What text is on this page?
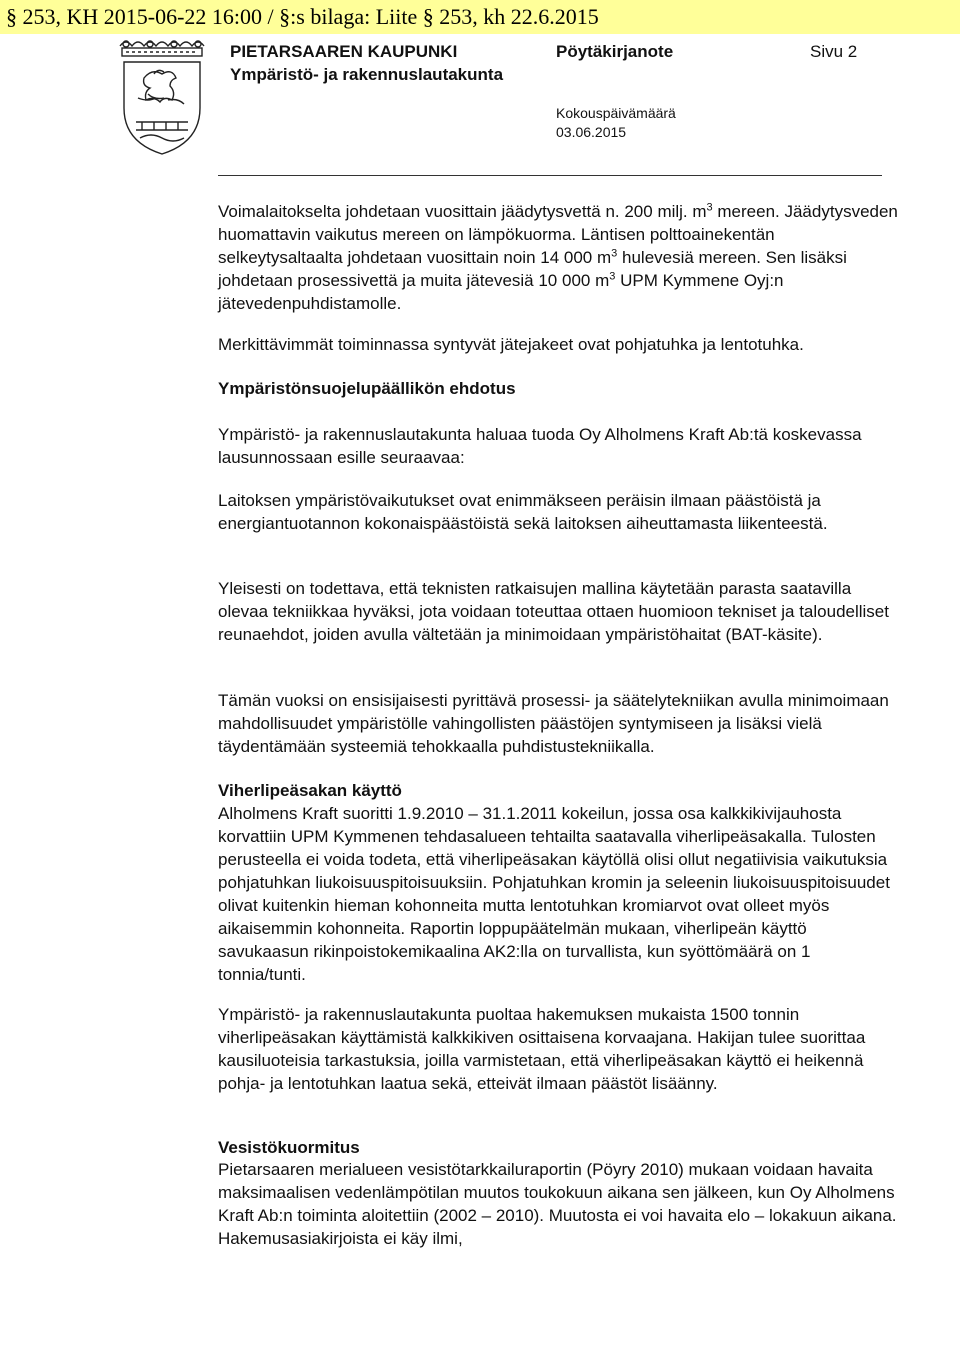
§ 253, KH 2015-06-22 16:00 / §:s bilaga: Liite § 253, kh 22.6.2015
PIETARSAAREN KAUPUNKI
Ympäristö- ja rakennuslautakunta
Pöytäkirjanote	Sivu 2
Kokouspäivämäärä
03.06.2015

Voimalaitokselta johdetaan vuosittain jäädytysvettä n. 200 milj. $m^3$ mereen. Jäädytysveden huomattavin vaikutus mereen on lämpökuorma. Läntisen polttoainekentän selkeytysaltaalta johdetaan vuosittain noin 14 000 $m^3$ hulevesiä mereen. Sen lisäksi johdetaan prosessivettä ja muita jätevesiä 10 000 $m^3$ UPM Kymmene Oyj:n jätevedenpuhdistamolle.

Merkittävimmät toiminnassa syntyvät jätejakeet ovat pohjatuhka ja lentotuhka.
Ympäristönsuojelupäällikön ehdotus
Ympäristö- ja rakennuslautakunta haluaa tuoda Oy Alholmens Kraft Ab:tä koskevassa lausunnossaan esille seuraavaa:
Laitoksen ympäristövaikutukset ovat enimmäkseen peräisin ilmaan päästöistä ja energiantuotannon kokonaispäästöistä sekä laitoksen aiheuttamasta liikenteestä.
Yleisesti on todettava, että teknisten ratkaisujen mallina käytetään parasta saatavilla olevaa tekniikkaa hyväksi, jota voidaan toteuttaa ottaen huomioon tekniset ja taloudelliset reunaehdot, joiden avulla vältetään ja minimoidaan ympäristöhaitat (BAT-käsite).
Tämän vuoksi on ensisijaisesti pyrittävä prosessi- ja säätelytekniikan avulla minimoimaan mahdollisuudet ympäristölle vahingollisten päästöjen syntymiseen ja lisäksi vielä täydentämään systeemiä tehokkaalla puhdistustekniikalla.
Viherlipeäsakan käyttö
Alholmens Kraft suoritti 1.9.2010 – 31.1.2011 kokeilun, jossa osa kalkkikivijauhosta korvattiin UPM Kymmenen tehdasalueen tehtailta saatavalla viherlipeäsakalla. Tulosten perusteella ei voida todeta, että viherlipeäsakan käytöllä olisi ollut negatiivisia vaikutuksia pohjatuhkan liukoisuuspitoisuuksiin. Pohjatuhkan kromin ja seleenin liukoisuuspitoisuudet olivat kuitenkin hieman kohonneita mutta lentotuhkan kromiarvot ovat olleet myös aikaisemmin kohonneita. Raportin loppupäätelmän mukaan, viherlipeän käyttö savukaasun rikinpoistokemikaalina AK2:lla on turvallista, kun syöttömäärä on 1 tonnia/tunti.
Ympäristö- ja rakennuslautakunta puoltaa hakemuksen mukaista 1500 tonnin viherlipeäsakan käyttämistä kalkkikiven osittaisena korvaajana. Hakijan tulee suorittaa kausiluoteisia tarkastuksia, joilla varmistetaan, että viherlipeäsakan käyttö ei heikennä pohja- ja lentotuhkan laatua sekä, etteivät ilmaan päästöt lisäänny.
Vesistökuormitus
Pietarsaaren merialueen vesistötarkkailuraportin (Pöyry 2010) mukaan voidaan havaita maksimaalisen vedenlämpötilan muutos toukokuun aikana sen jälkeen, kun Oy Alholmens Kraft Ab:n toiminta aloitettiin (2002 – 2010). Muutosta ei voi havaita elo – lokakuun aikana. Hakemusasiakirjoista ei käy ilmi,
